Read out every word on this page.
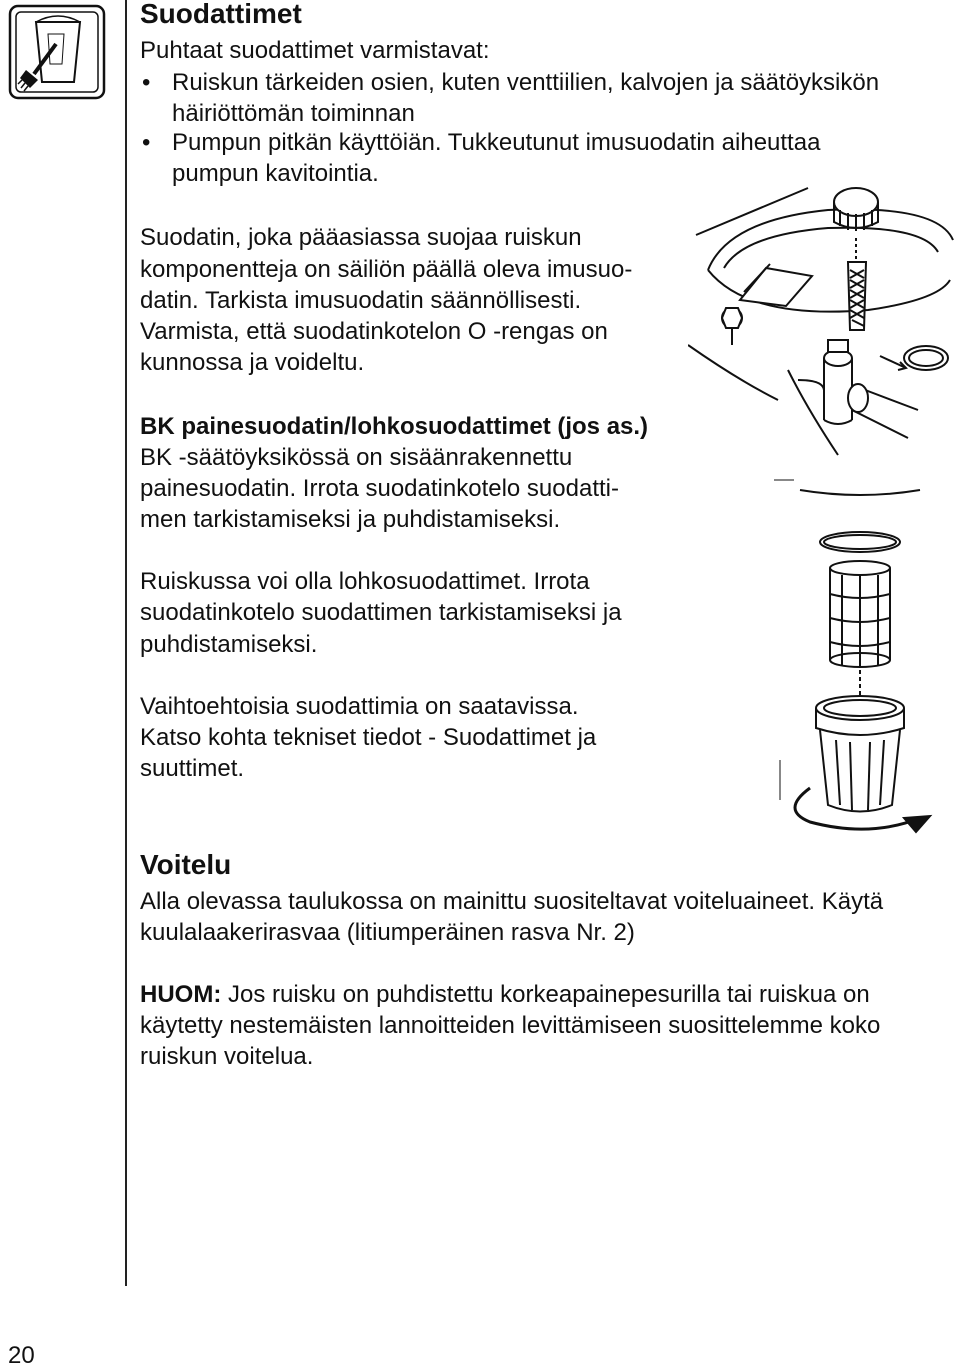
Suodattimet
Puhtaat suodattimet varmistavat:
• Ruiskun tärkeiden osien, kuten venttiilien, kalvojen ja säätöyksikön
häiriöttömän toiminnan
• Pumpun pitkän käyttöiän. Tukkeutunut imusuodatin aiheuttaa
pumpun kavitointia.
Suodatin, joka pääasiassa suojaa ruiskun
komponentteja on säiliön päällä oleva imusuo-
datin. Tarkista imusuodatin säännöllisesti.
Varmista, että suodatinkotelon O -rengas on
kunnossa ja voideltu.
BK painesuodatin/lohkosuodattimet (jos as.)
BK -säätöyksikössä on sisäänrakennettu
painesuodatin. Irrota suodatinkotelo suodatti-
men tarkistamiseksi ja puhdistamiseksi.
Ruiskussa voi olla lohkosuodattimet. Irrota
suodatinkotelo suodattimen tarkistamiseksi ja
puhdistamiseksi.
Vaihtoehtoisia suodattimia on saatavissa.
Katso kohta tekniset tiedot - Suodattimet ja
suuttimet.
Voitelu
Alla olevassa taulukossa on mainittu suositeltavat voiteluaineet. Käytä
kuulalaakerirasvaa (litiumperäinen rasva Nr. 2)
HUOM: Jos ruisku on puhdistettu korkeapainepesurilla tai ruiskua on
käytetty nestemäisten lannoitteiden levittämiseen suosittelemme koko
ruiskun voitelua.
20
